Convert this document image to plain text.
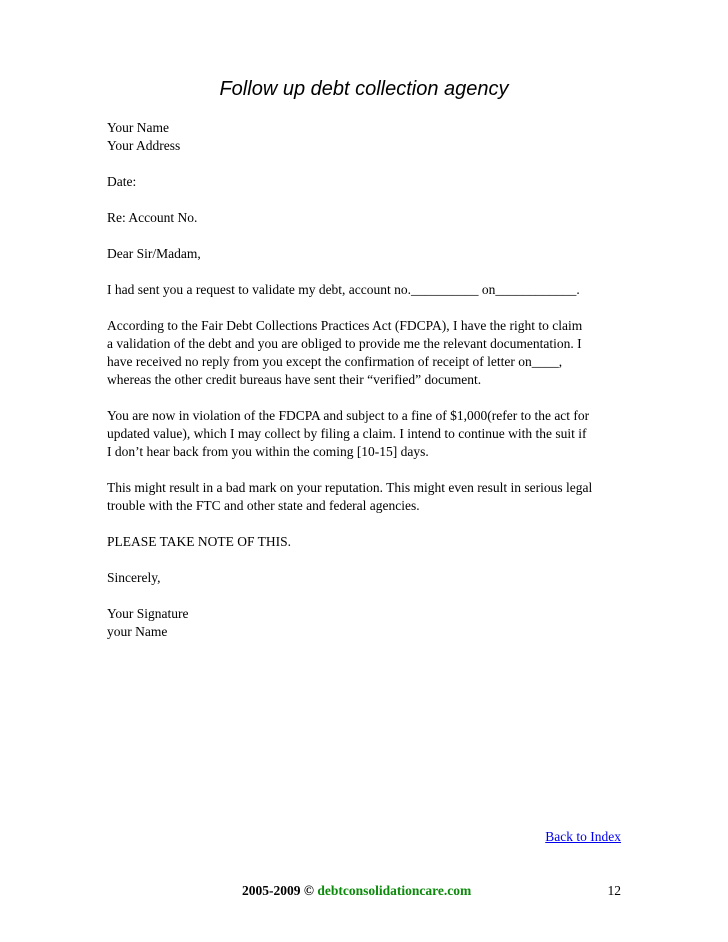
Follow up debt collection agency
Your Name
Your Address
Date:
Re: Account No.
Dear Sir/Madam,
I had sent you a request to validate my debt, account no.__________ on____________.
According to the Fair Debt Collections Practices Act (FDCPA), I have the right to claim
a validation of the debt and you are obliged to provide me the relevant documentation. I
have received no reply from you except the confirmation of receipt of letter on____,
whereas the other credit bureaus have sent their “verified” document.
You are now in violation of the FDCPA and subject to a fine of $1,000(refer to the act for
updated value), which I may collect by filing a claim. I intend to continue with the suit if
I don’t hear back from you within the coming [10-15] days.
This might result in a bad mark on your reputation. This might even result in serious legal
trouble with the FTC and other state and federal agencies.
PLEASE TAKE NOTE OF THIS.
Sincerely,
Your Signature
your Name
Back to Index
2005-2009 © debtconsolidationcare.com	12
